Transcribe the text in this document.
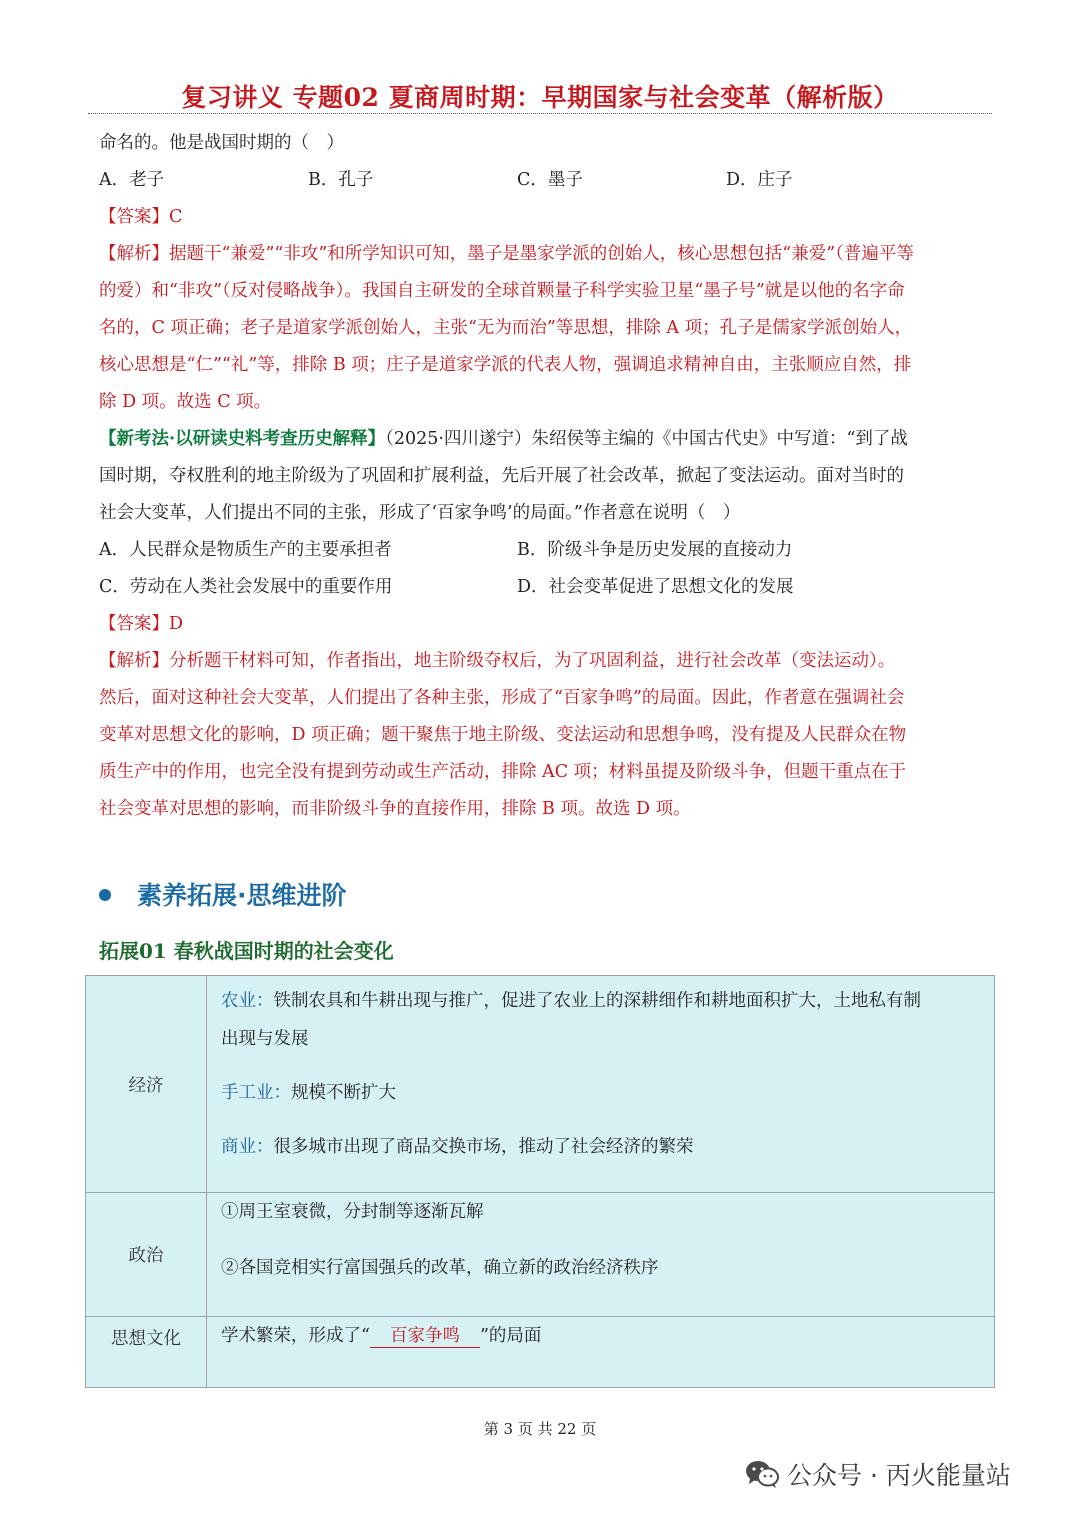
复习讲义 专题02 夏商周时期：早期国家与社会变革（解析版）
命名的。他是战国时期的（　）
A．老子	B．孔子	C．墨子	D．庄子
【答案】C
【解析】据题干“兼爱”“非攻”和所学知识可知，墨子是墨家学派的创始人，核心思想包括“兼爱”（普遍平等
的爱）和“非攻”（反对侵略战争）。我国自主研发的全球首颗量子科学实验卫星“墨子号”就是以他的名字命
名的，C 项正确；老子是道家学派创始人，主张“无为而治”等思想，排除 A 项；孔子是儒家学派创始人，
核心思想是“仁”“礼”等，排除 B 项；庄子是道家学派的代表人物，强调追求精神自由，主张顺应自然，排
除 D 项。故选 C 项。
【新考法·以研读史料考查历史解释】（2025·四川遂宁）朱绍侯等主编的《中国古代史》中写道：“到了战
国时期，夺权胜利的地主阶级为了巩固和扩展利益，先后开展了社会改革，掀起了变法运动。面对当时的
社会大变革，人们提出不同的主张，形成了‘百家争鸣’的局面。”作者意在说明（　）
A．人民群众是物质生产的主要承担者	B．阶级斗争是历史发展的直接动力
C．劳动在人类社会发展中的重要作用	D．社会变革促进了思想文化的发展
【答案】D
【解析】分析题干材料可知，作者指出，地主阶级夺权后，为了巩固利益，进行社会改革（变法运动）。
然后，面对这种社会大变革，人们提出了各种主张，形成了“百家争鸣”的局面。因此，作者意在强调社会
变革对思想文化的影响，D 项正确；题干聚焦于地主阶级、变法运动和思想争鸣，没有提及人民群众在物
质生产中的作用，也完全没有提到劳动或生产活动，排除 AC 项；材料虽提及阶级斗争，但题干重点在于
社会变革对思想的影响，而非阶级斗争的直接作用，排除 B 项。故选 D 项。
素养拓展·思维进阶
拓展01 春秋战国时期的社会变化
经济	农业：铁制农具和牛耕出现与推广，促进了农业上的深耕细作和耕地面积扩大，土地私有制

出现与发展

手工业：规模不断扩大

商业：很多城市出现了商品交换市场，推动了社会经济的繁荣

政治	①周王室衰微，分封制等逐渐瓦解

②各国竞相实行富国强兵的改革，确立新的政治经济秩序

思想文化	学术繁荣，形成了“ 百家争鸣 ”的局面

第 3 页 共 22 页
公众号 · 丙火能量站
